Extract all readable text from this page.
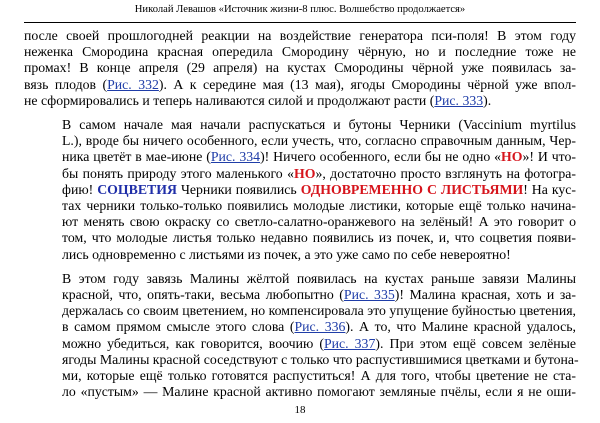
Николай Левашов «Источник жизни-8 плюс. Волшебство продолжается»

после своей прошлогодней реакции на воздействие генератора пси-поля! В этом году
неженка Смородина красная опередила Смородину чёрную, но и последние тоже не
промах! В конце апреля (29 апреля) на кустах Смородины чёрной уже появилась за-
вязь плодов (Рис. 332). А к середине мая (13 мая), ягоды Смородины чёрной уже впол-
не сформировались и теперь наливаются силой и продолжают расти (Рис. 333).

В самом начале мая начали распускаться и бутоны Черники (Vaccinium myrtilus
L.), вроде бы ничего особенного, если учесть, что, согласно справочным данным, Чер-
ника цветёт в мае-июне (Рис. 334)! Ничего особенного, если бы не одно «НО»! И что-
бы понять природу этого маленького «НО», достаточно просто взглянуть на фотогра-
фию! СОЦВЕТИЯ Черники появились ОДНОВРЕМЕННО С ЛИСТЬЯМИ! На кус-
тах черники только-только появились молодые листики, которые ещё только начина-
ют менять свою окраску со светло-салатно-оранжевого на зелёный! А это говорит о
том, что молодые листья только недавно появились из почек, и, что соцветия появи-
лись одновременно с листьями из почек, а это уже само по себе невероятно!

В этом году завязь Малины жёлтой появилась на кустах раньше завязи Малины
красной, что, опять-таки, весьма любопытно (Рис. 335)! Малина красная, хоть и за-
держалась со своим цветением, но компенсировала это упущение буйностью цветения,
в самом прямом смысле этого слова (Рис. 336). А то, что Малине красной удалось,
можно убедиться, как говорится, воочию (Рис. 337). При этом ещё совсем зелёные
ягоды Малины красной соседствуют с только что распустившимися цветками и бутона-
ми, которые ещё только готовятся распуститься! А для того, чтобы цветение не ста-
ло «пустым» — Малине красной активно помогают земляные пчёлы, если я не оши-

18
